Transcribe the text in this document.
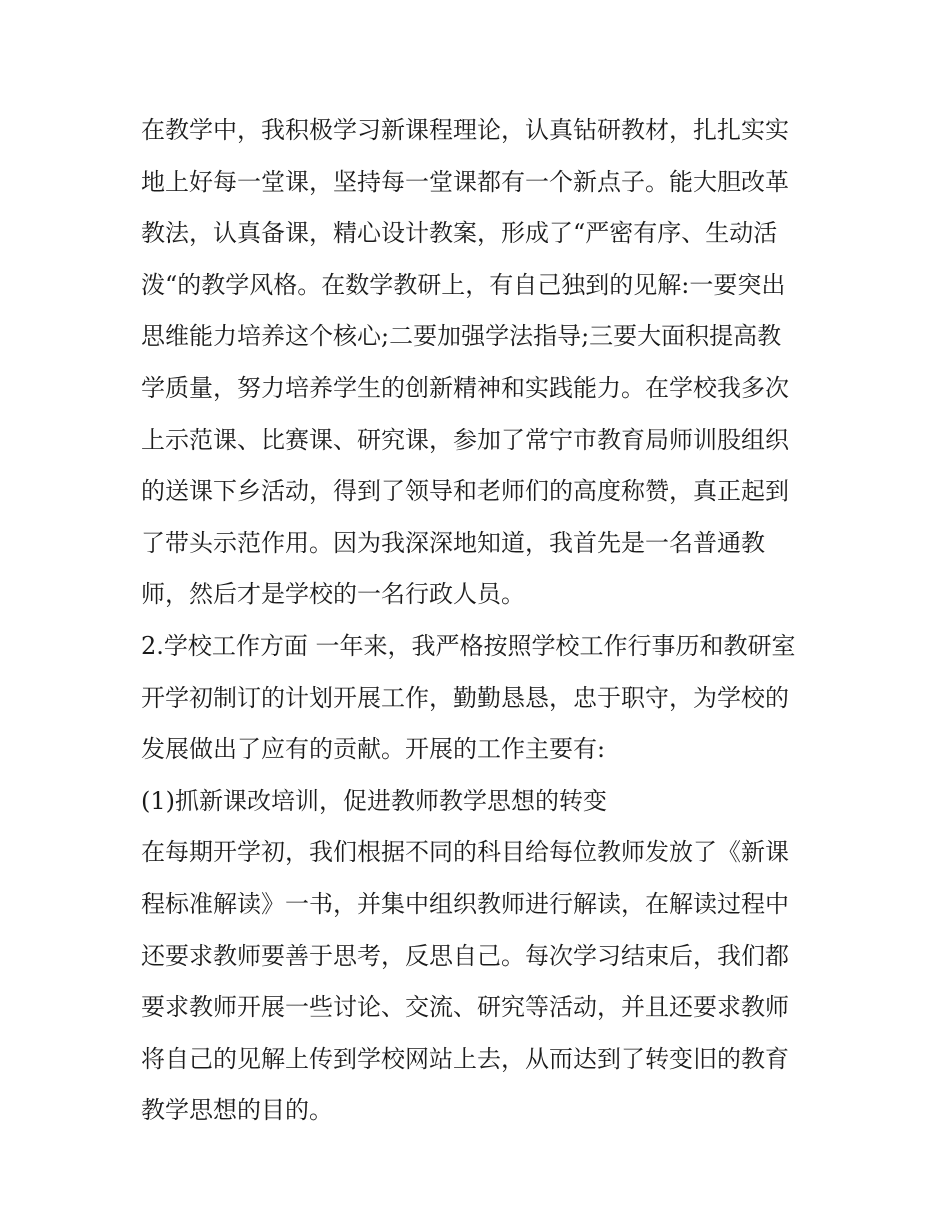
在教学中，我积极学习新课程理论，认真钻研教材，扎扎实实
地上好每一堂课，坚持每一堂课都有一个新点子。能大胆改革
教法，认真备课，精心设计教案，形成了“严密有序、生动活
泼“的教学风格。在数学教研上，有自己独到的见解:一要突出
思维能力培养这个核心;二要加强学法指导;三要大面积提高教
学质量，努力培养学生的创新精神和实践能力。在学校我多次
上示范课、比赛课、研究课，参加了常宁市教育局师训股组织
的送课下乡活动，得到了领导和老师们的高度称赞，真正起到
了带头示范作用。因为我深深地知道，我首先是一名普通教
师，然后才是学校的一名行政人员。
2.学校工作方面 一年来，我严格按照学校工作行事历和教研室
开学初制订的计划开展工作，勤勤恳恳，忠于职守，为学校的
发展做出了应有的贡献。开展的工作主要有:
(1)抓新课改培训，促进教师教学思想的转变
在每期开学初，我们根据不同的科目给每位教师发放了《新课
程标准解读》一书，并集中组织教师进行解读，在解读过程中
还要求教师要善于思考，反思自己。每次学习结束后，我们都
要求教师开展一些讨论、交流、研究等活动，并且还要求教师
将自己的见解上传到学校网站上去，从而达到了转变旧的教育
教学思想的目的。
